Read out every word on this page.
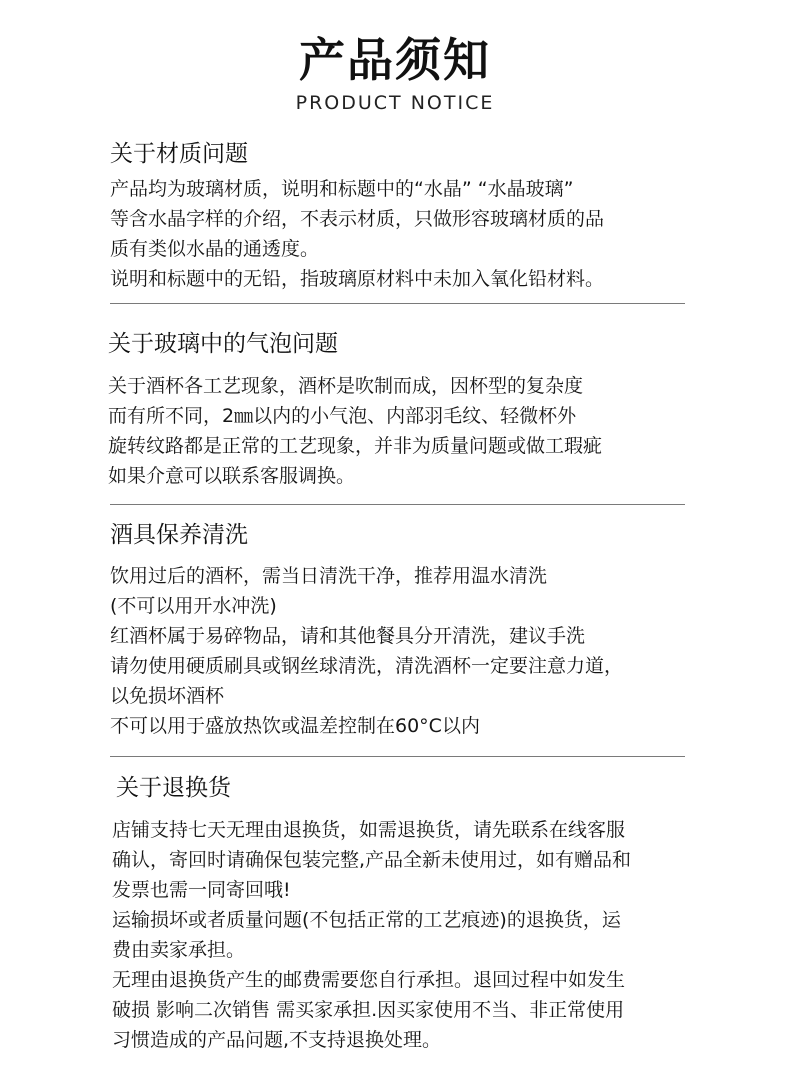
产品须知
PRODUCT NOTICE
关于材质问题
产品均为玻璃材质，说明和标题中的“水晶” “水晶玻璃”
等含水晶字样的介绍，不表示材质，只做形容玻璃材质的品
质有类似水晶的通透度。
说明和标题中的无铅，指玻璃原材料中未加入氧化铅材料。
关于玻璃中的气泡问题
关于酒杯各工艺现象，酒杯是吹制而成，因杯型的复杂度
而有所不同，2㎜以内的小气泡、内部羽毛纹、轻微杯外
旋转纹路都是正常的工艺现象，并非为质量问题或做工瑕疵
如果介意可以联系客服调换。
酒具保养清洗
饮用过后的酒杯，需当日清洗干净，推荐用温水清洗
(不可以用开水冲洗)
红酒杯属于易碎物品，请和其他餐具分开清洗，建议手洗
请勿使用硬质刷具或钢丝球清洗，清洗酒杯一定要注意力道，
以免损坏酒杯
不可以用于盛放热饮或温差控制在60°C以内
关于退换货
店铺支持七天无理由退换货，如需退换货，请先联系在线客服
确认，寄回时请确保包装完整,产品全新未使用过，如有赠品和
发票也需一同寄回哦!
运输损坏或者质量问题(不包括正常的工艺痕迹)的退换货，运
费由卖家承担。
无理由退换货产生的邮费需要您自行承担。退回过程中如发生
破损 影响二次销售 需买家承担.因买家使用不当、非正常使用
习惯造成的产品问题,不支持退换处理。
